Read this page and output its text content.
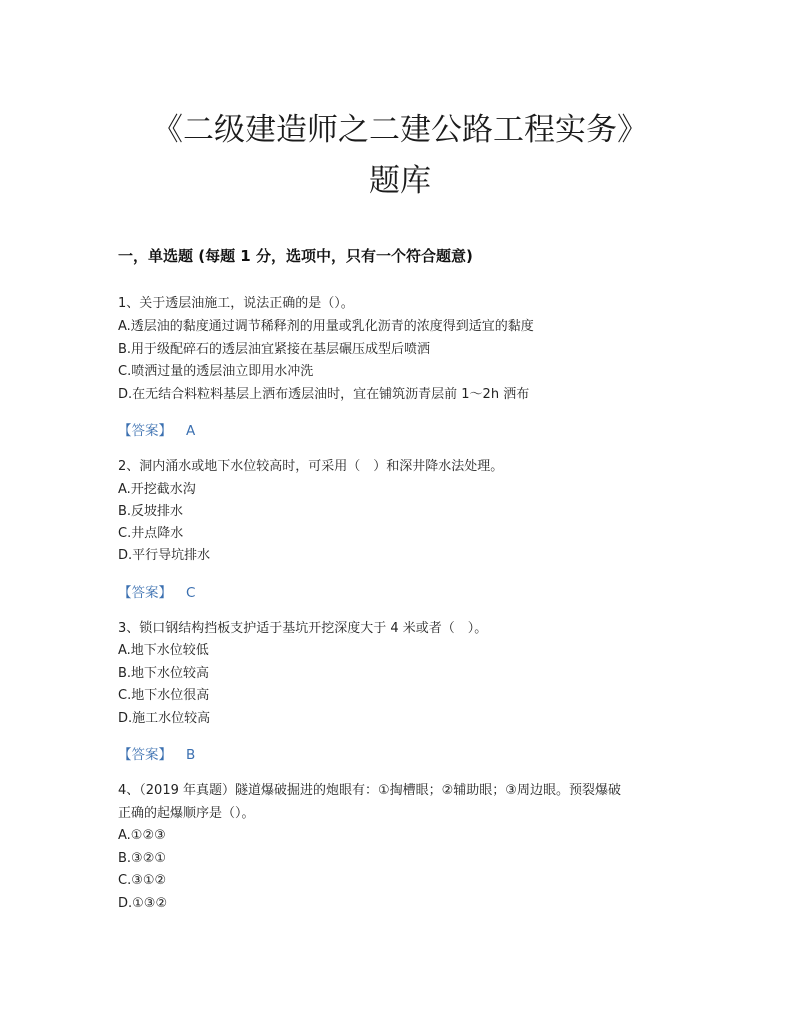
《二级建造师之二建公路工程实务》
题库
一，单选题 (每题 1 分，选项中，只有一个符合题意)
1、关于透层油施工，说法正确的是（）。
A.透层油的黏度通过调节稀释剂的用量或乳化沥青的浓度得到适宜的黏度
B.用于级配碎石的透层油宜紧接在基层碾压成型后喷洒
C.喷洒过量的透层油立即用水冲洗
D.在无结合料粒料基层上洒布透层油时，宜在铺筑沥青层前 1～2h 洒布
【答案】 A
2、洞内涌水或地下水位较高时，可采用（　）和深井降水法处理。
A.开挖截水沟
B.反坡排水
C.井点降水
D.平行导坑排水
【答案】 C
3、锁口钢结构挡板支护适于基坑开挖深度大于 4 米或者（　）。
A.地下水位较低
B.地下水位较高
C.地下水位很高
D.施工水位较高
【答案】 B
4、（2019 年真题）隧道爆破掘进的炮眼有：①掏槽眼；②辅助眼；③周边眼。预裂爆破
正确的起爆顺序是（）。
A.①②③
B.③②①
C.③①②
D.①③②
